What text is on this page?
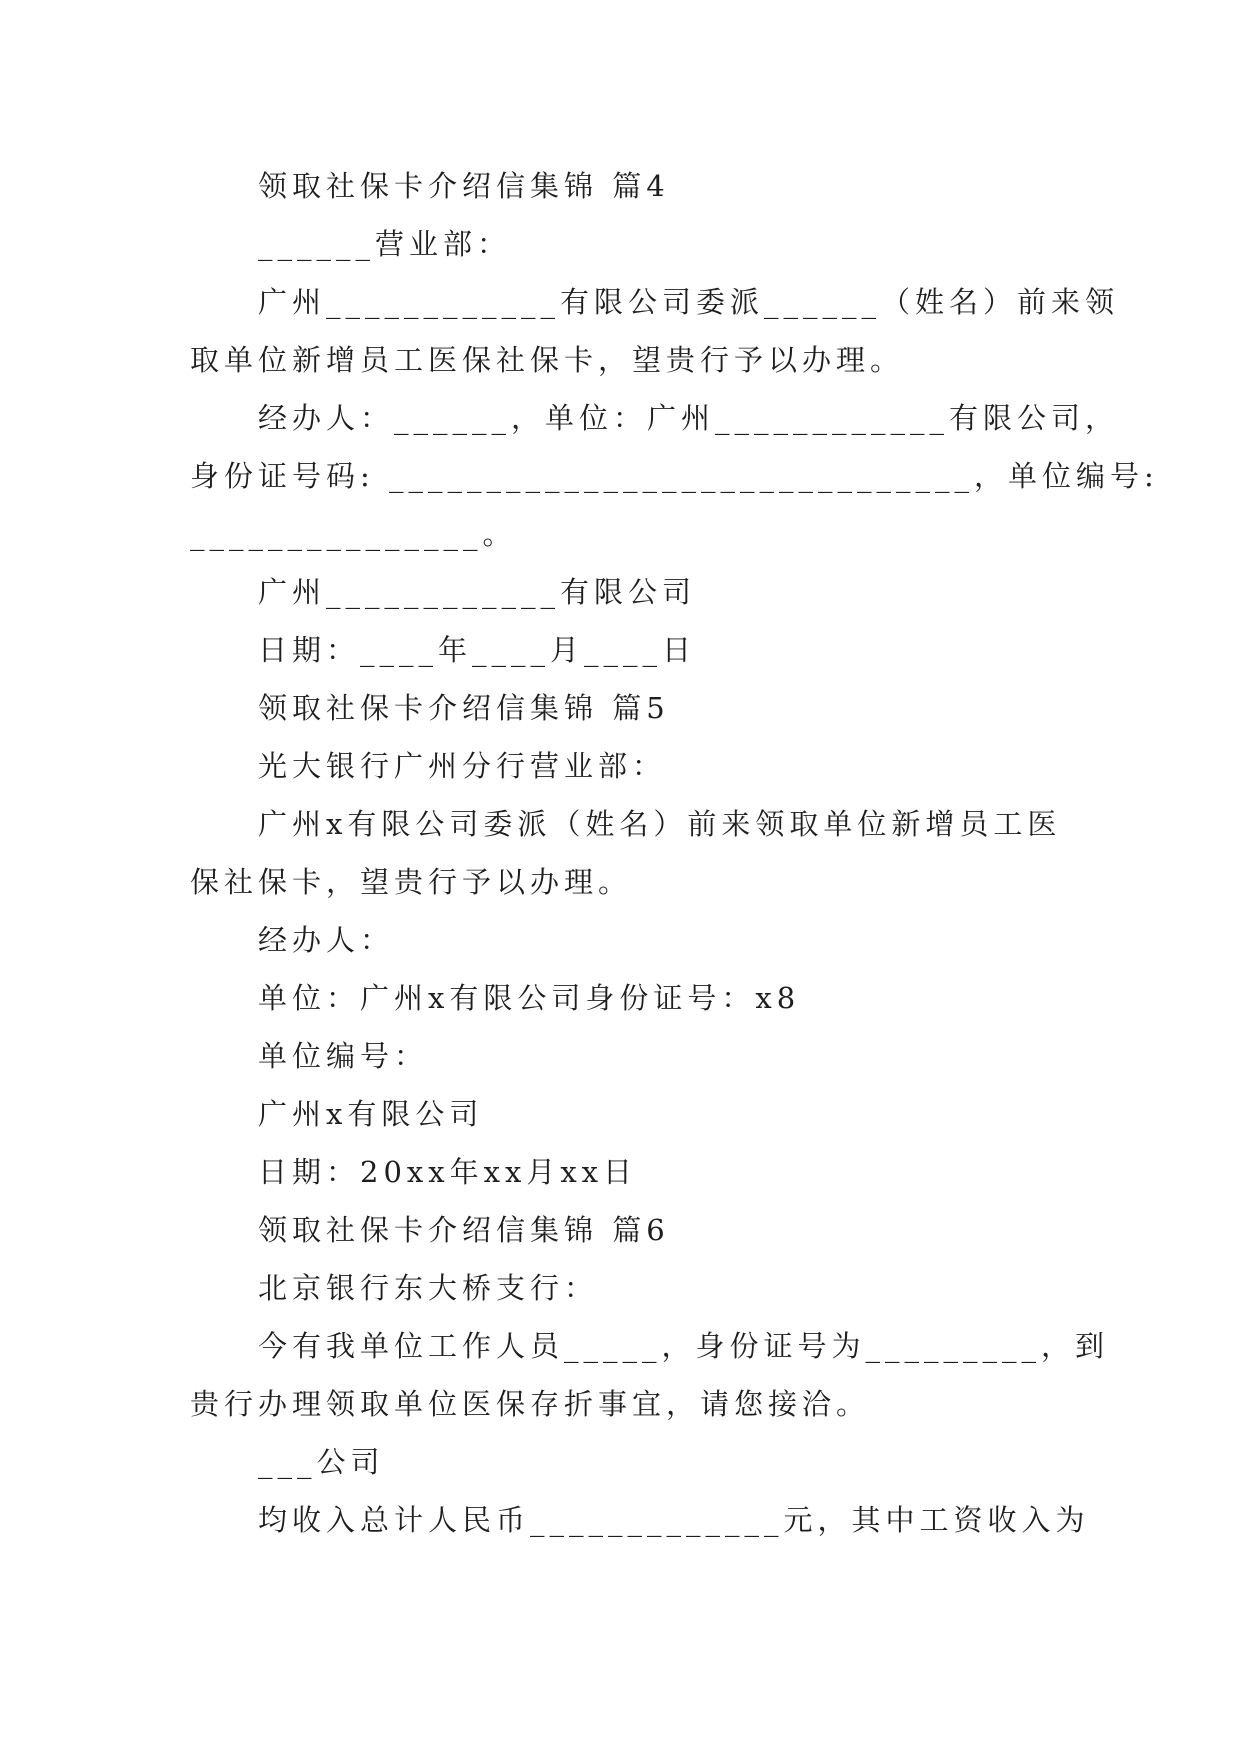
领取社保卡介绍信集锦 篇4
______营业部：
广州____________有限公司委派______（姓名）前来领
取单位新增员工医保社保卡，望贵行予以办理。
经办人：______，单位：广州____________有限公司，
身份证号码: ______________________________，单位编号:
_______________。
广州____________有限公司
日期：____年____月____日
领取社保卡介绍信集锦 篇5
光大银行广州分行营业部：
广州x有限公司委派（姓名）前来领取单位新增员工医
保社保卡，望贵行予以办理。
经办人：
单位：广州x有限公司身份证号：x8
单位编号：
广州x有限公司
日期：20xx年xx月xx日
领取社保卡介绍信集锦 篇6
北京银行东大桥支行：
今有我单位工作人员_____，身份证号为_________，到
贵行办理领取单位医保存折事宜，请您接洽。
___公司
均收入总计人民币_____________元，其中工资收入为
